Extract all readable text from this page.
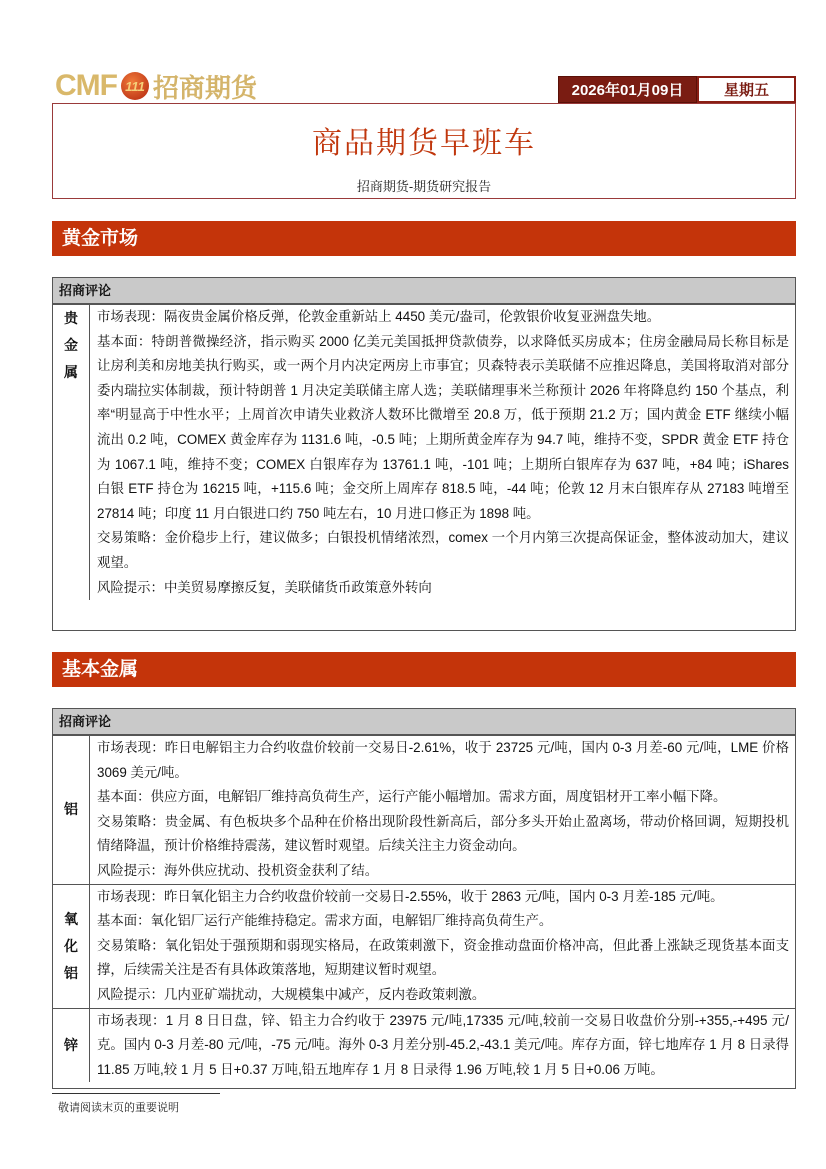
CMF 111 招商期货	2026年01月09日	星期五
商品期货早班车
招商期货-期货研究报告
黄金市场
招商评论
贵
金
属

市场表现：隔夜贵金属价格反弹，伦敦金重新站上 4450 美元/盎司，伦敦银价收复亚洲盘失地。

基本面：特朗普微操经济，指示购买 2000 亿美元美国抵押贷款债券，以求降低买房成本；住房金融局局长称目标是让房利美和房地美执行购买，或一两个月内决定两房上市事宜；贝森特表示美联储不应推迟降息，美国将取消对部分委内瑞拉实体制裁，预计特朗普 1 月决定美联储主席人选；美联储理事米兰称预计 2026 年将降息约 150 个基点，利率“明显高于中性水平；上周首次申请失业救济人数环比微增至 20.8 万，低于预期 21.2 万；国内黄金 ETF 继续小幅流出 0.2 吨，COMEX 黄金库存为 1131.6 吨，-0.5 吨；上期所黄金库存为 94.7 吨，维持不变，SPDR 黄金 ETF 持仓为 1067.1 吨，维持不变；COMEX 白银库存为 13761.1 吨，-101 吨；上期所白银库存为 637 吨，+84 吨；iShares 白银 ETF 持仓为 16215 吨，+115.6 吨；金交所上周库存 818.5 吨，-44 吨；伦敦 12 月末白银库存从 27183 吨增至 27814 吨；印度 11 月白银进口约 750 吨左右，10 月进口修正为 1898 吨。

交易策略：金价稳步上行，建议做多；白银投机情绪浓烈，comex 一个月内第三次提高保证金，整体波动加大，建议观望。

风险提示：中美贸易摩擦反复，美联储货币政策意外转向

基本金属
招商评论
铝

市场表现：昨日电解铝主力合约收盘价较前一交易日-2.61%，收于 23725 元/吨，国内 0-3 月差-60 元/吨，LME 价格 3069 美元/吨。

基本面：供应方面，电解铝厂维持高负荷生产，运行产能小幅增加。需求方面，周度铝材开工率小幅下降。

交易策略：贵金属、有色板块多个品种在价格出现阶段性新高后，部分多头开始止盈离场，带动价格回调，短期投机情绪降温，预计价格维持震荡，建议暂时观望。后续关注主力资金动向。

风险提示：海外供应扰动、投机资金获利了结。

氧
化
铝

市场表现：昨日氧化铝主力合约收盘价较前一交易日-2.55%，收于 2863 元/吨，国内 0-3 月差-185 元/吨。

基本面：氧化铝厂运行产能维持稳定。需求方面，电解铝厂维持高负荷生产。

交易策略：氧化铝处于强预期和弱现实格局，在政策刺激下，资金推动盘面价格冲高，但此番上涨缺乏现货基本面支撑，后续需关注是否有具体政策落地，短期建议暂时观望。

风险提示：几内亚矿端扰动，大规模集中减产，反内卷政策刺激。

锌

市场表现：1 月 8 日日盘，锌、铅主力合约收于 23975 元/吨,17335 元/吨,较前一交易日收盘价分别-+355,-+495 元/克。国内 0-3 月差-80 元/吨，-75 元/吨。海外 0-3 月差分别-45.2,-43.1 美元/吨。库存方面，锌七地库存 1 月 8 日录得 11.85 万吨,较 1 月 5 日+0.37 万吨,铅五地库存 1 月 8 日录得 1.96 万吨,较 1 月 5 日+0.06 万吨。

敬请阅读末页的重要说明
